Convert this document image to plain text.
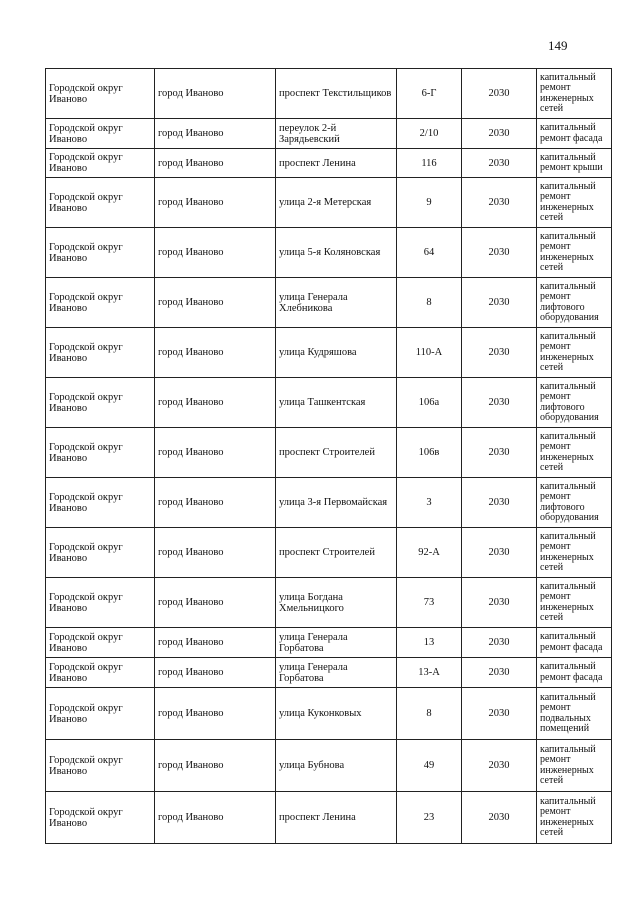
149
Городской округ Иваново	город Иваново	проспект Текстильщиков	6-Г	2030	капитальный ремонт инженерных сетей
Городской округ Иваново	город Иваново	переулок 2-й Зарядьевский	2/10	2030	капитальный ремонт фасада
Городской округ Иваново	город Иваново	проспект Ленина	116	2030	капитальный ремонт крыши
Городской округ Иваново	город Иваново	улица 2-я Метерская	9	2030	капитальный ремонт инженерных сетей
Городской округ Иваново	город Иваново	улица 5-я Коляновская	64	2030	капитальный ремонт инженерных сетей
Городской округ Иваново	город Иваново	улица Генерала Хлебникова	8	2030	капитальный ремонт лифтового оборудования
Городской округ Иваново	город Иваново	улица Кудряшова	110-А	2030	капитальный ремонт инженерных сетей
Городской округ Иваново	город Иваново	улица Ташкентская	106а	2030	капитальный ремонт лифтового оборудования
Городской округ Иваново	город Иваново	проспект Строителей	106в	2030	капитальный ремонт инженерных сетей
Городской округ Иваново	город Иваново	улица 3-я Первомайская	3	2030	капитальный ремонт лифтового оборудования
Городской округ Иваново	город Иваново	проспект Строителей	92-А	2030	капитальный ремонт инженерных сетей
Городской округ Иваново	город Иваново	улица Богдана Хмельницкого	73	2030	капитальный ремонт инженерных сетей
Городской округ Иваново	город Иваново	улица Генерала Горбатова	13	2030	капитальный ремонт фасада
Городской округ Иваново	город Иваново	улица Генерала Горбатова	13-А	2030	капитальный ремонт фасада
Городской округ Иваново	город Иваново	улица Куконковых	8	2030	капитальный ремонт подвальных помещений
Городской округ Иваново	город Иваново	улица Бубнова	49	2030	капитальный ремонт инженерных сетей
Городской округ Иваново	город Иваново	проспект Ленина	23	2030	капитальный ремонт инженерных сетей
